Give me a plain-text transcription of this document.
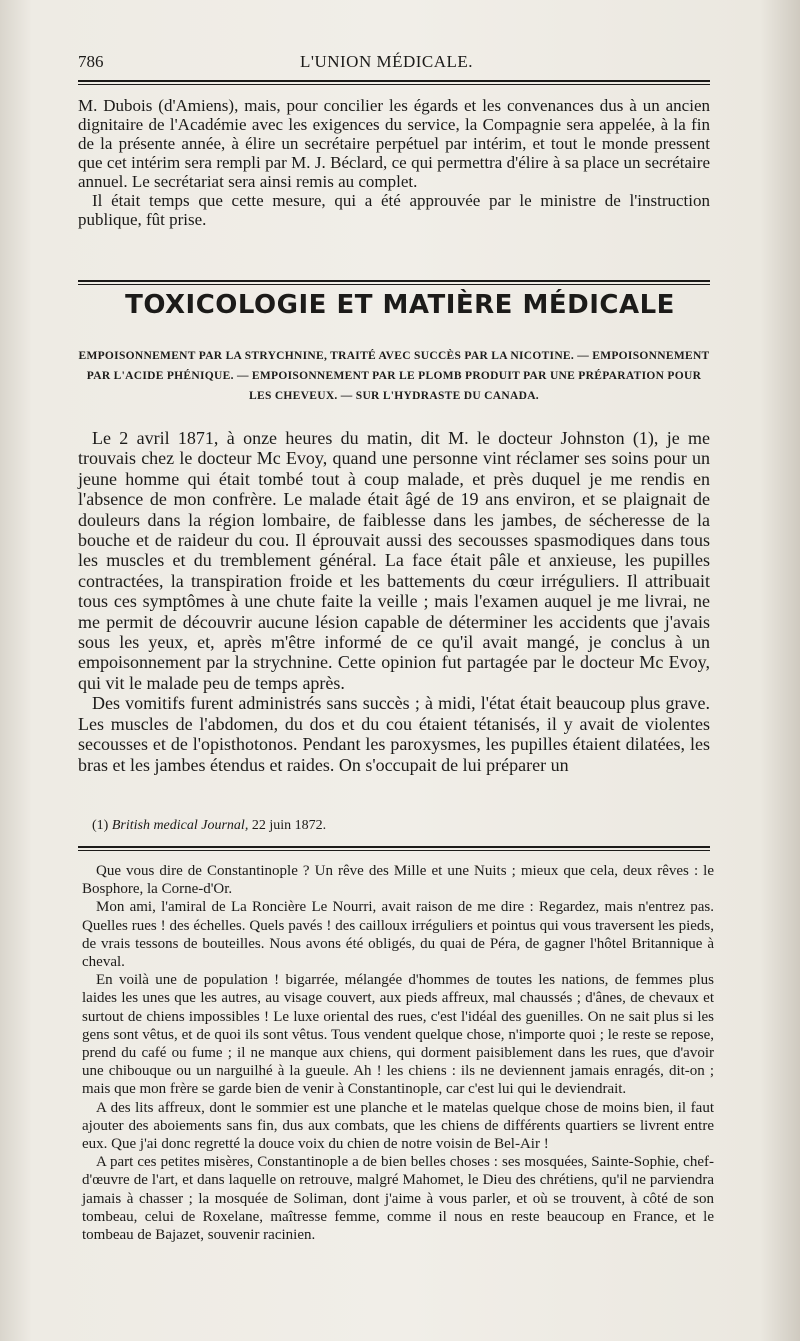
786	L'UNION MÉDICALE.

M. Dubois (d'Amiens), mais, pour concilier les égards et les convenances dus à un ancien dignitaire de l'Académie avec les exigences du service, la Compagnie sera appelée, à la fin de la présente année, à élire un secrétaire perpétuel par intérim, et tout le monde pressent que cet intérim sera rempli par M. J. Béclard, ce qui permettra d'élire à sa place un secrétaire annuel. Le secrétariat sera ainsi remis au complet.

Il était temps que cette mesure, qui a été approuvée par le ministre de l'instruction publique, fût prise.

TOXICOLOGIE ET MATIÈRE MÉDICALE
EMPOISONNEMENT PAR LA STRYCHNINE, TRAITÉ AVEC SUCCÈS PAR LA NICOTINE. — EMPOISONNEMENT PAR L'ACIDE PHÉNIQUE. — EMPOISONNEMENT PAR LE PLOMB PRODUIT PAR UNE PRÉPARATION POUR LES CHEVEUX. — SUR L'HYDRASTE DU CANADA.

Le 2 avril 1871, à onze heures du matin, dit M. le docteur Johnston (1), je me trouvais chez le docteur Mc Evoy, quand une personne vint réclamer ses soins pour un jeune homme qui était tombé tout à coup malade, et près duquel je me rendis en l'absence de mon confrère. Le malade était âgé de 19 ans environ, et se plaignait de douleurs dans la région lombaire, de faiblesse dans les jambes, de sécheresse de la bouche et de raideur du cou. Il éprouvait aussi des secousses spasmodiques dans tous les muscles et du tremblement général. La face était pâle et anxieuse, les pupilles contractées, la transpiration froide et les battements du cœur irréguliers. Il attribuait tous ces symptômes à une chute faite la veille ; mais l'examen auquel je me livrai, ne me permit de découvrir aucune lésion capable de déterminer les accidents que j'avais sous les yeux, et, après m'être informé de ce qu'il avait mangé, je conclus à un empoisonnement par la strychnine. Cette opinion fut partagée par le docteur Mc Evoy, qui vit le malade peu de temps après.

Des vomitifs furent administrés sans succès ; à midi, l'état était beaucoup plus grave. Les muscles de l'abdomen, du dos et du cou étaient tétanisés, il y avait de violentes secousses et de l'opisthotonos. Pendant les paroxysmes, les pupilles étaient dilatées, les bras et les jambes étendus et raides. On s'occupait de lui préparer un

(1) British medical Journal, 22 juin 1872.

Que vous dire de Constantinople ? Un rêve des Mille et une Nuits ; mieux que cela, deux rêves : le Bosphore, la Corne-d'Or.

Mon ami, l'amiral de La Roncière Le Nourri, avait raison de me dire : Regardez, mais n'entrez pas. Quelles rues ! des échelles. Quels pavés ! des cailloux irréguliers et pointus qui vous traversent les pieds, de vrais tessons de bouteilles. Nous avons été obligés, du quai de Péra, de gagner l'hôtel Britannique à cheval.

En voilà une de population ! bigarrée, mélangée d'hommes de toutes les nations, de femmes plus laides les unes que les autres, au visage couvert, aux pieds affreux, mal chaussés ; d'ânes, de chevaux et surtout de chiens impossibles ! Le luxe oriental des rues, c'est l'idéal des guenilles. On ne sait plus si les gens sont vêtus, et de quoi ils sont vêtus. Tous vendent quelque chose, n'importe quoi ; le reste se repose, prend du café ou fume ; il ne manque aux chiens, qui dorment paisiblement dans les rues, que d'avoir une chibouque ou un narguilhé à la gueule. Ah ! les chiens : ils ne deviennent jamais enragés, dit-on ; mais que mon frère se garde bien de venir à Constantinople, car c'est lui qui le deviendrait.

A des lits affreux, dont le sommier est une planche et le matelas quelque chose de moins bien, il faut ajouter des aboiements sans fin, dus aux combats, que les chiens de différents quartiers se livrent entre eux. Que j'ai donc regretté la douce voix du chien de notre voisin de Bel-Air !

A part ces petites misères, Constantinople a de bien belles choses : ses mosquées, Sainte-Sophie, chef-d'œuvre de l'art, et dans laquelle on retrouve, malgré Mahomet, le Dieu des chrétiens, qu'il ne parviendra jamais à chasser ; la mosquée de Soliman, dont j'aime à vous parler, et où se trouvent, à côté de son tombeau, celui de Roxelane, maîtresse femme, comme il nous en reste beaucoup en France, et le tombeau de Bajazet, souvenir racinien.
